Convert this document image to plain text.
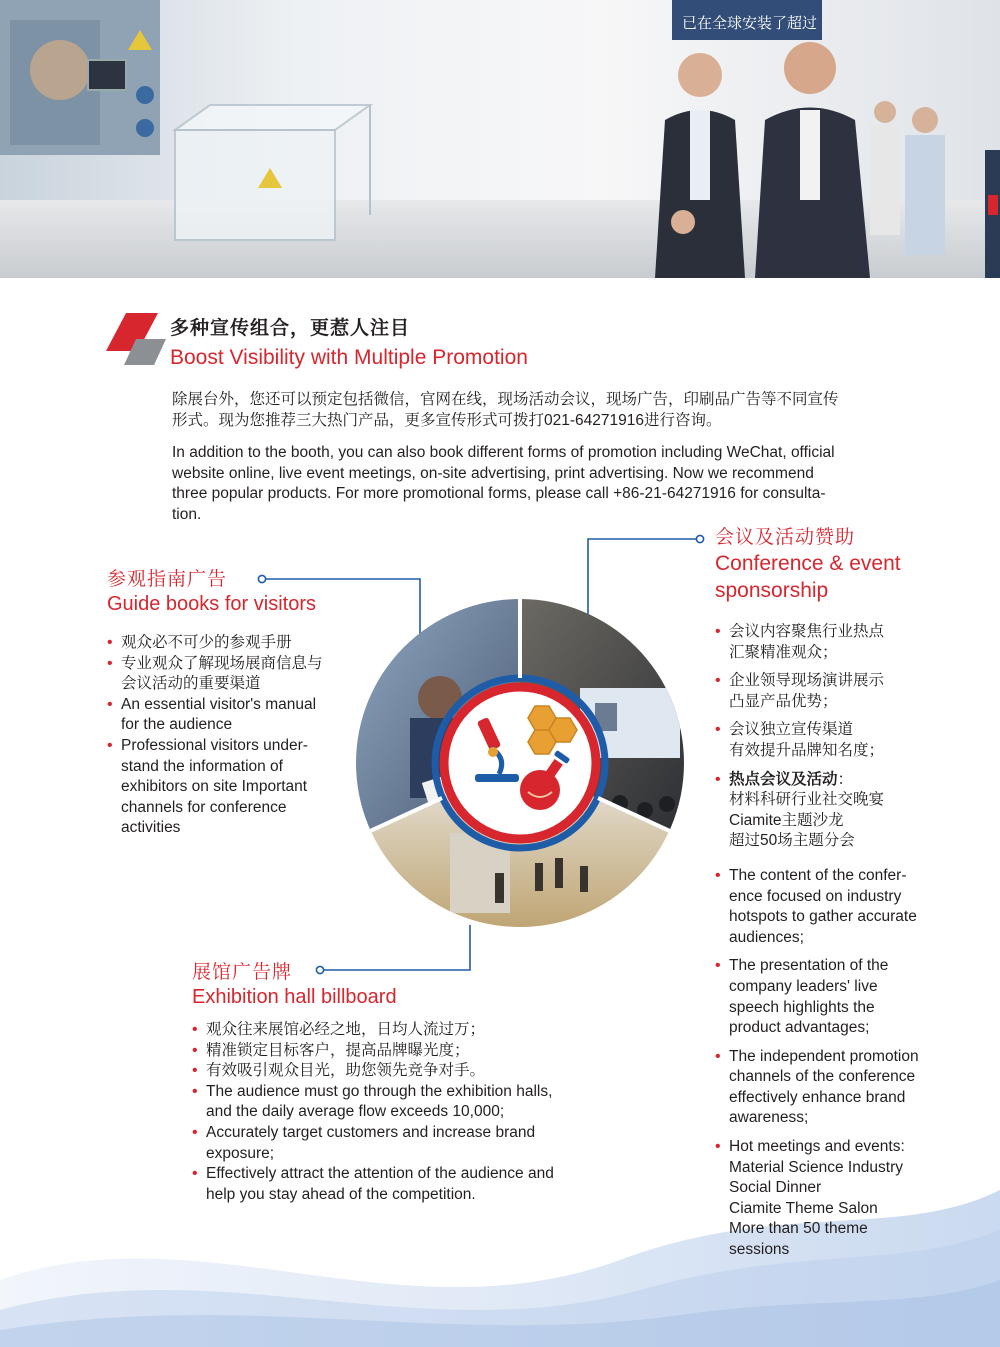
已在全球安装了超过
多种宣传组合，更惹人注目
Boost Visibility with Multiple Promotion
除展台外，您还可以预定包括微信，官网在线，现场活动会议，现场广告，印刷品广告等不同宣传
形式。现为您推荐三大热门产品，更多宣传形式可拨打021-64271916进行咨询。
In addition to the booth, you can also book different forms of promotion including WeChat, official
website online, live event meetings, on-site advertising, print advertising. Now we recommend
three popular products. For more promotional forms, please call +86-21-64271916 for consulta-
tion.
参观指南广告
Guide books for visitors
• 观众必不可少的参观手册
• 专业观众了解现场展商信息与
会议活动的重要渠道
• An essential visitor's manual
for the audience
• Professional visitors under-
stand the information of
exhibitors on site Important
channels for conference
activities
展馆广告牌
Exhibition hall billboard
• 观众往来展馆必经之地，日均人流过万；
• 精准锁定目标客户，提高品牌曝光度；
• 有效吸引观众目光，助您领先竞争对手。
• The audience must go through the exhibition halls,
and the daily average flow exceeds 10,000;
• Accurately target customers and increase brand
exposure;
• Effectively attract the attention of the audience and
help you stay ahead of the competition.
会议及活动赞助
Conference & event
sponsorship
• 会议内容聚焦行业热点
汇聚精准观众；
• 企业领导现场演讲展示
凸显产品优势；
• 会议独立宣传渠道
有效提升品牌知名度；
• 热点会议及活动：
材料科研行业社交晚宴
Ciamite主题沙龙
超过50场主题分会
• The content of the confer-
ence focused on industry
hotspots to gather accurate
audiences;
• The presentation of the
company leaders' live
speech highlights the
product advantages;
• The independent promotion
channels of the conference
effectively enhance brand
awareness;
• Hot meetings and events:
Material Science Industry
Social Dinner
Ciamite Theme Salon
More than 50 theme
sessions
